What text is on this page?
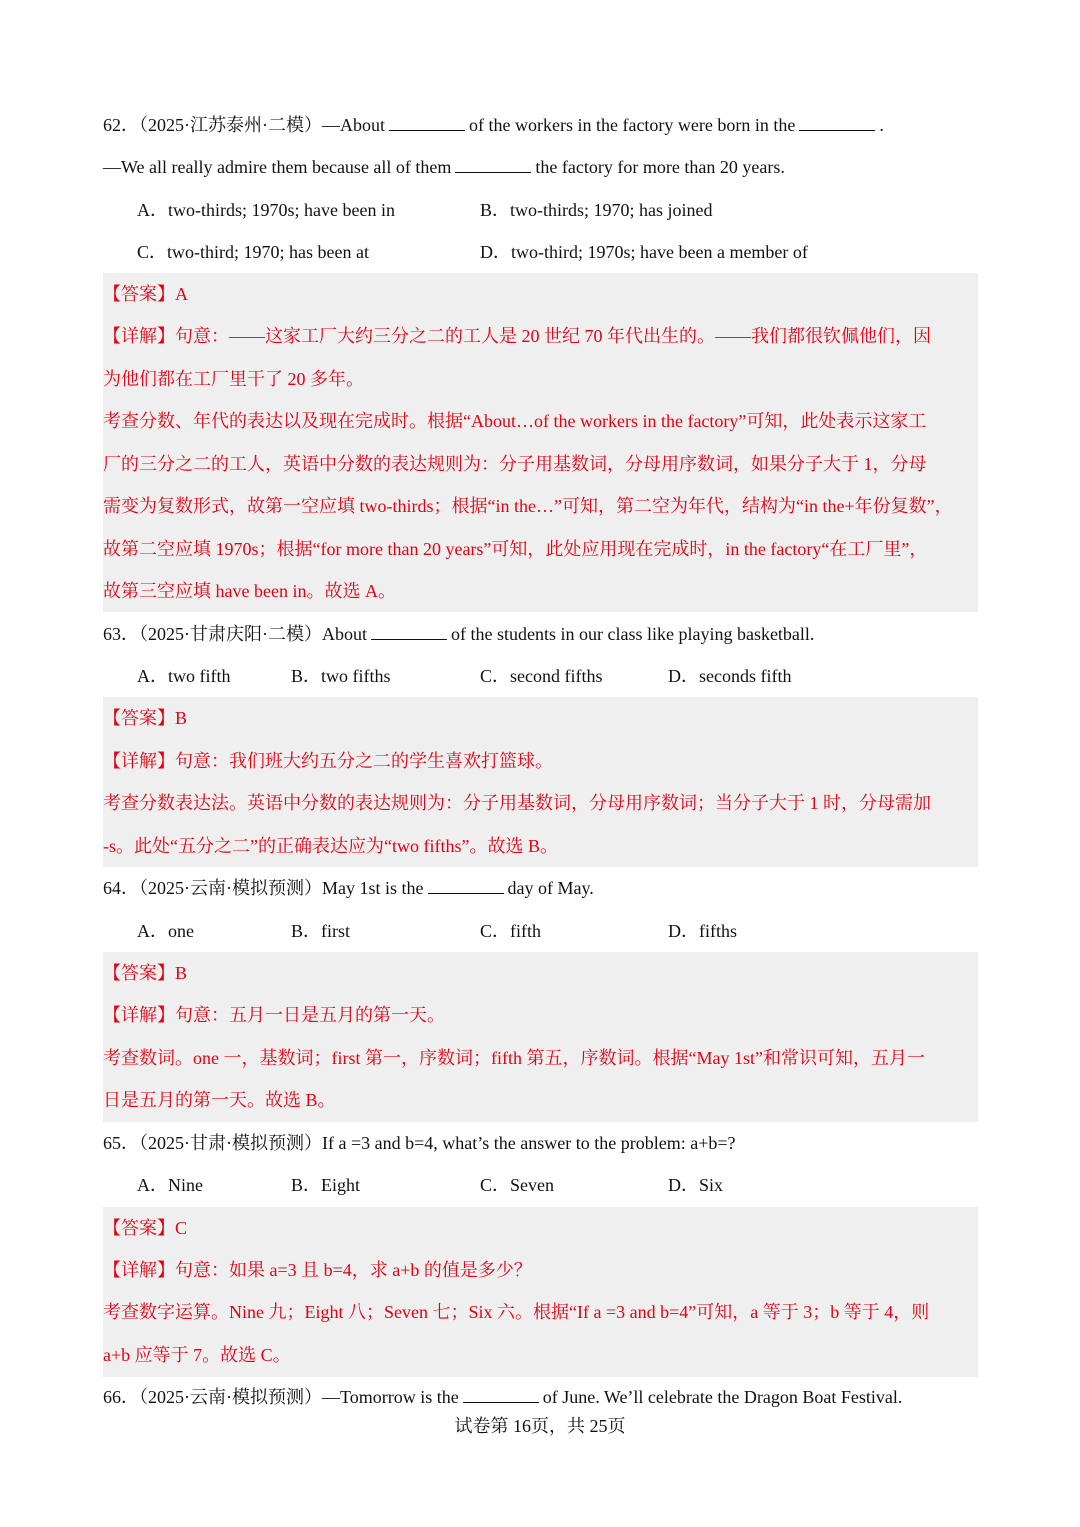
62．（2025·江苏泰州·二模）—About	of the workers in the factory were born in the	.
—We all really admire them because all of them	the factory for more than 20 years.
A．two-thirds; 1970s; have been in	B．two-thirds; 1970; has joined
C．two-third; 1970; has been at	D．two-third; 1970s; have been a member of
【答案】A
【详解】句意：——这家工厂大约三分之二的工人是 20 世纪 70 年代出生的。——我们都很钦佩他们，因
为他们都在工厂里干了 20 多年。
考查分数、年代的表达以及现在完成时。根据“About…of the workers in the factory”可知，此处表示这家工
厂的三分之二的工人，英语中分数的表达规则为：分子用基数词，分母用序数词，如果分子大于 1，分母
需变为复数形式，故第一空应填 two-thirds；根据“in the…”可知，第二空为年代，结构为“in the+年份复数”，
故第二空应填 1970s；根据“for more than 20 years”可知，此处应用现在完成时，in the factory“在工厂里”，
故第三空应填 have been in。故选 A。
63．（2025·甘肃庆阳·二模）About	of the students in our class like playing basketball.
A．two fifth	B．two fifths	C．second fifths	D．seconds fifth
【答案】B
【详解】句意：我们班大约五分之二的学生喜欢打篮球。
考查分数表达法。英语中分数的表达规则为：分子用基数词，分母用序数词；当分子大于 1 时，分母需加
-s。此处“五分之二”的正确表达应为“two fifths”。故选 B。
64．（2025·云南·模拟预测）May 1st is the	day of May.
A．one	B．first	C．fifth	D．fifths
【答案】B
【详解】句意：五月一日是五月的第一天。
考查数词。one 一，基数词；first 第一，序数词；fifth 第五，序数词。根据“May 1st”和常识可知，五月一
日是五月的第一天。故选 B。
65．（2025·甘肃·模拟预测）If a =3 and b=4, what’s the answer to the problem: a+b=?
A．Nine	B．Eight	C．Seven	D．Six
【答案】C
【详解】句意：如果 a=3 且 b=4，求 a+b 的值是多少？
考查数字运算。Nine 九；Eight 八；Seven 七；Six 六。根据“If a =3 and b=4”可知，a 等于 3；b 等于 4，则
a+b 应等于 7。故选 C。
66．（2025·云南·模拟预测）—Tomorrow is the	of June. We’ll celebrate the Dragon Boat Festival.
试卷第 16页，共 25页
